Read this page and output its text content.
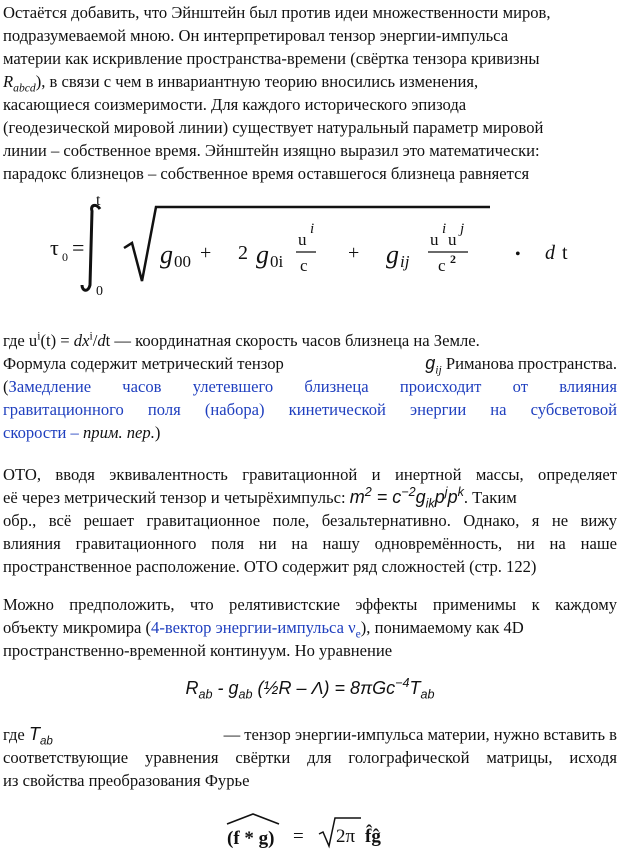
Остаётся добавить, что Эйнштейн был против идеи множественности миров,
подразумеваемой мною. Он интерпретировал тензор энергии-импульса
материи как искривление пространства-времени (свёртка тензора кривизны
$R_{abcd}$), в связи с чем в инвариантную теорию вносились изменения,
касающиеся соизмеримости. Для каждого исторического эпизода
(геодезической мировой линии) существует натуральный параметр мировой
линии – собственное время. Эйнштейн изящно выразил это математически:
парадокс близнецов – собственное время оставшегося близнеца равняется
τ 0 =
t
0
g 00 + 2 g 0i
u
i
c
+ g ij
u
i
u
j
c 2	• d t
где $u^i(t) = dx^i/dt$ — координатная скорость часов близнеца на Земле.
Формула содержит метрический тензор	$g_{ij}$ Риманова пространства.
( Замедление часов улетевшего близнеца происходит от влияния
гравитационного поля (набора) кинетической энергии на субсветовой
скорости – прим. пер.)
ОТО, вводя эквивалентность гравитационной и инертной массы, определяет
её через метрический тензор и четырёхимпульс: $m^2 = c^{-2}g_{ik}p^jp^k$. Таким
обр., всё решает гравитационное поле, безальтернативно. Однако, я не вижу
влияния гравитационного поля ни на нашу одновремённость, ни на наше
пространственное расположение. ОТО содержит ряд сложностей (стр. 122)
Можно предположить, что релятивистские эффекты применимы к каждому
объекту микромира (4-вектор энергии-импульса $\nu_e$), понимаемому как 4D
пространственно-временной континуум. Но уравнение
$R_{ab} - g_{ab}$ (½R – $\Lambda) = 8\pi Gc^{-4}T_{ab}$
где $T_{ab}$	— тензор энергии-импульса материи, нужно вставить в
соответствующие уравнения свёртки для голографической матрицы, исходя
из свойства преобразования Фурье
(f * g) = 2π f̂ĝ
